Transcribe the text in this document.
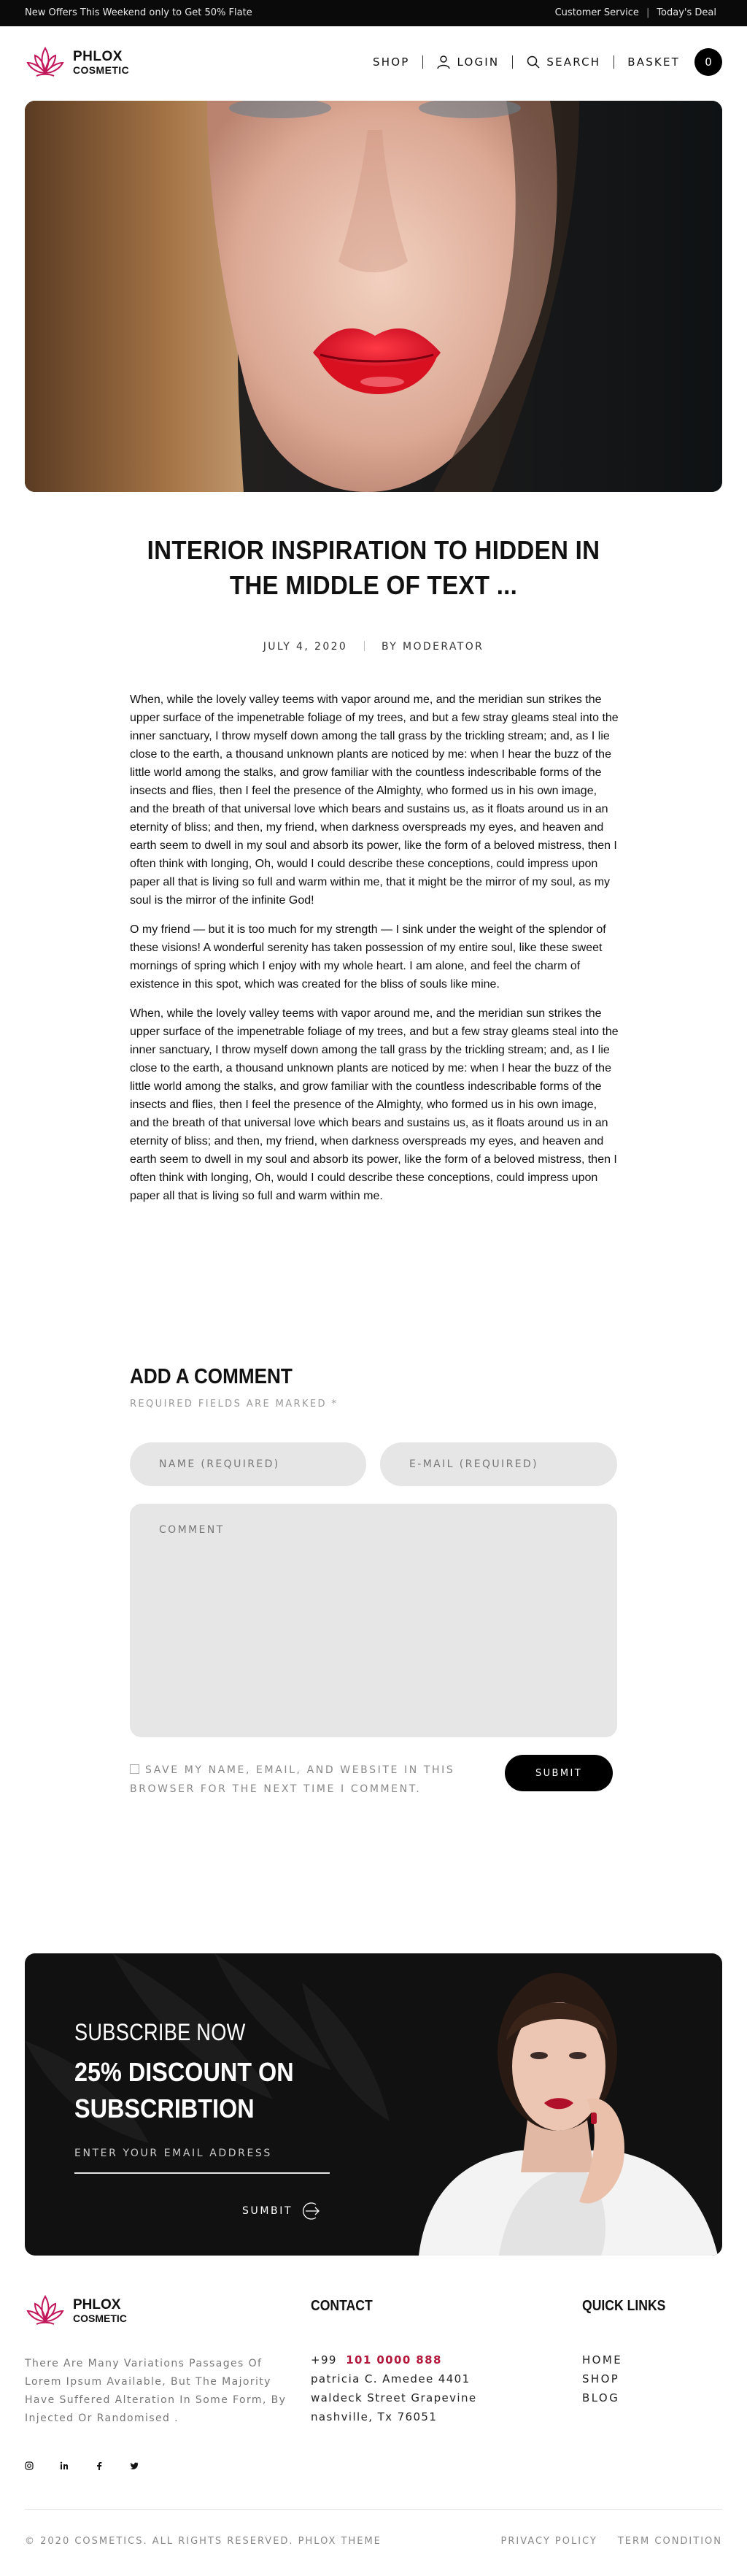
New Offers This Weekend only to Get 50% Flate	Customer Service | Today's Deal
PHLOX
COSMETIC
SHOP	LOGIN	SEARCH BASKET	0
INTERIOR INSPIRATION TO HIDDEN IN THE MIDDLE OF TEXT ...
JULY 4, 2020	BY MODERATOR

When, while the lovely valley teems with vapor around me, and the meridian sun strikes the upper surface of the impenetrable foliage of my trees, and but a few stray gleams steal into the inner sanctuary, I throw myself down among the tall grass by the trickling stream; and, as I lie close to the earth, a thousand unknown plants are noticed by me: when I hear the buzz of the little world among the stalks, and grow familiar with the countless indescribable forms of the insects and flies, then I feel the presence of the Almighty, who formed us in his own image, and the breath of that universal love which bears and sustains us, as it floats around us in an eternity of bliss; and then, my friend, when darkness overspreads my eyes, and heaven and earth seem to dwell in my soul and absorb its power, like the form of a beloved mistress, then I often think with longing, Oh, would I could describe these conceptions, could impress upon paper all that is living so full and warm within me, that it might be the mirror of my soul, as my soul is the mirror of the infinite God!

O my friend — but it is too much for my strength — I sink under the weight of the splendor of these visions! A wonderful serenity has taken possession of my entire soul, like these sweet mornings of spring which I enjoy with my whole heart. I am alone, and feel the charm of existence in this spot, which was created for the bliss of souls like mine.

When, while the lovely valley teems with vapor around me, and the meridian sun strikes the upper surface of the impenetrable foliage of my trees, and but a few stray gleams steal into the inner sanctuary, I throw myself down among the tall grass by the trickling stream; and, as I lie close to the earth, a thousand unknown plants are noticed by me: when I hear the buzz of the little world among the stalks, and grow familiar with the countless indescribable forms of the insects and flies, then I feel the presence of the Almighty, who formed us in his own image, and the breath of that universal love which bears and sustains us, as it floats around us in an eternity of bliss; and then, my friend, when darkness overspreads my eyes, and heaven and earth seem to dwell in my soul and absorb its power, like the form of a beloved mistress, then I often think with longing, Oh, would I could describe these conceptions, could impress upon paper all that is living so full and warm within me.

ADD A COMMENT
REQUIRED FIELDS ARE MARKED *
NAME (REQUIRED)	E-MAIL (REQUIRED)
COMMENT
SAVE MY NAME, EMAIL, AND WEBSITE IN THIS BROWSER FOR THE NEXT TIME I COMMENT.
SUBMIT
SUBSCRIBE NOW
25% DISCOUNT ON SUBSCRIBTION
ENTER YOUR EMAIL ADDRESS
SUMBIT
PHLOX
COSMETIC
There Are Many Variations Passages Of Lorem Ipsum Available, But The Majority Have Suffered Alteration In Some Form, By Injected Or Randomised .
CONTACT
+99 101 0000 888
patricia C. Amedee 4401
waldeck Street Grapevine
nashville, Tx 76051
QUICK LINKS
HOME
SHOP
BLOG
© 2020 COSMETICS. ALL RIGHTS RESERVED. PHLOX THEME	PRIVACY POLICY TERM CONDITION
